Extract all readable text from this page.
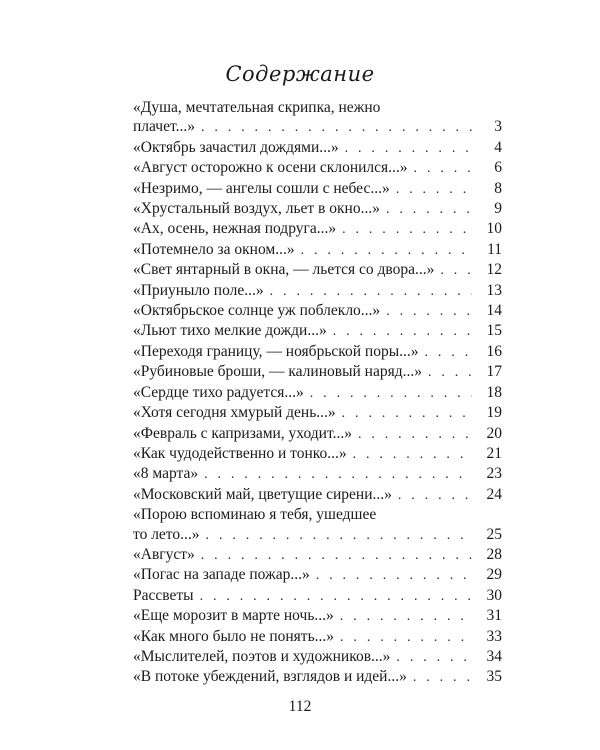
Содержание
«Душа, мечтательная скрипка, нежно
плачет...» . . .	3
«Октябрь зачастил дождями...» . . .	4
«Август осторожно к осени склонился...» . . .	6
«Незримо, — ангелы сошли с небес...» . . .	8
«Хрустальный воздух, льет в окно...» . . .	9
«Ах, осень, нежная подруга...» . . .	10
«Потемнело за окном...» . . .	11
«Свет янтарный в окна, — льется со двора...» . . .	12
«Приуныло поле...» . . .	13
«Октябрьское солнце уж поблекло...» . . .	14
«Льют тихо мелкие дожди...» . . .	15
«Переходя границу, — ноябрьской поры...» . . .	16
«Рубиновые броши, — калиновый наряд...» . . .	17
«Сердце тихо радуется...» . . .	18
«Хотя сегодня хмурый день...» . . .	19
«Февраль с капризами, уходит...» . . .	20
«Как чудодейственно и тонко...» . . .	21
«8 марта» . . .	23
«Московский май, цветущие сирени...» . . .	24
«Порою вспоминаю я тебя, ушедшее
то лето...» . . .	25
«Август» . . .	28
«Погас на западе пожар...» . . .	29
Рассветы . . .	30
«Еще морозит в марте ночь...» . . .	31
«Как много было не понять...» . . .	33
«Мыслителей, поэтов и художников...» . . .	34
«В потоке убеждений, взглядов и идей...» . . .	35
112
